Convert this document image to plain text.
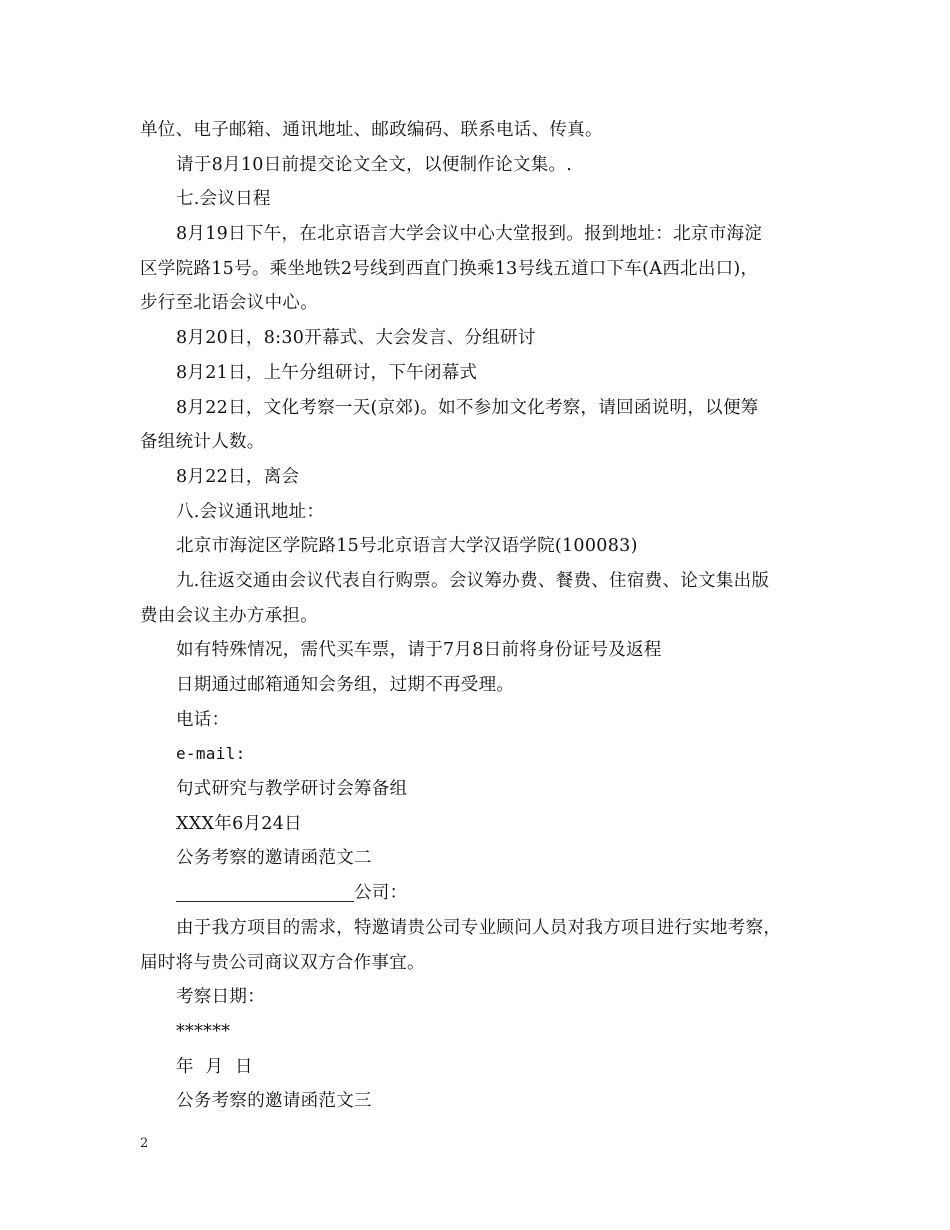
单位、电子邮箱、通讯地址、邮政编码、联系电话、传真。
请于8月10日前提交论文全文，以便制作论文集。.
七.会议日程
8月19日下午，在北京语言大学会议中心大堂报到。报到地址：北京市海淀
区学院路15号。乘坐地铁2号线到西直门换乘13号线五道口下车(A西北出口)，
步行至北语会议中心。
8月20日，8:30开幕式、大会发言、分组研讨
8月21日，上午分组研讨，下午闭幕式
8月22日，文化考察一天(京郊)。如不参加文化考察，请回函说明，以便筹
备组统计人数。
8月22日，离会
八.会议通讯地址：
北京市海淀区学院路15号北京语言大学汉语学院(100083)
九.往返交通由会议代表自行购票。会议筹办费、餐费、住宿费、论文集出版
费由会议主办方承担。
如有特殊情况，需代买车票，请于7月8日前将身份证号及返程
日期通过邮箱通知会务组，过期不再受理。
电话：
e-mail:
句式研究与教学研讨会筹备组
XXX年6月24日
公务考察的邀请函范文二
公司：
由于我方项目的需求，特邀请贵公司专业顾问人员对我方项目进行实地考察，
届时将与贵公司商议双方合作事宜。
考察日期：
******
年  月  日
公务考察的邀请函范文三
2
